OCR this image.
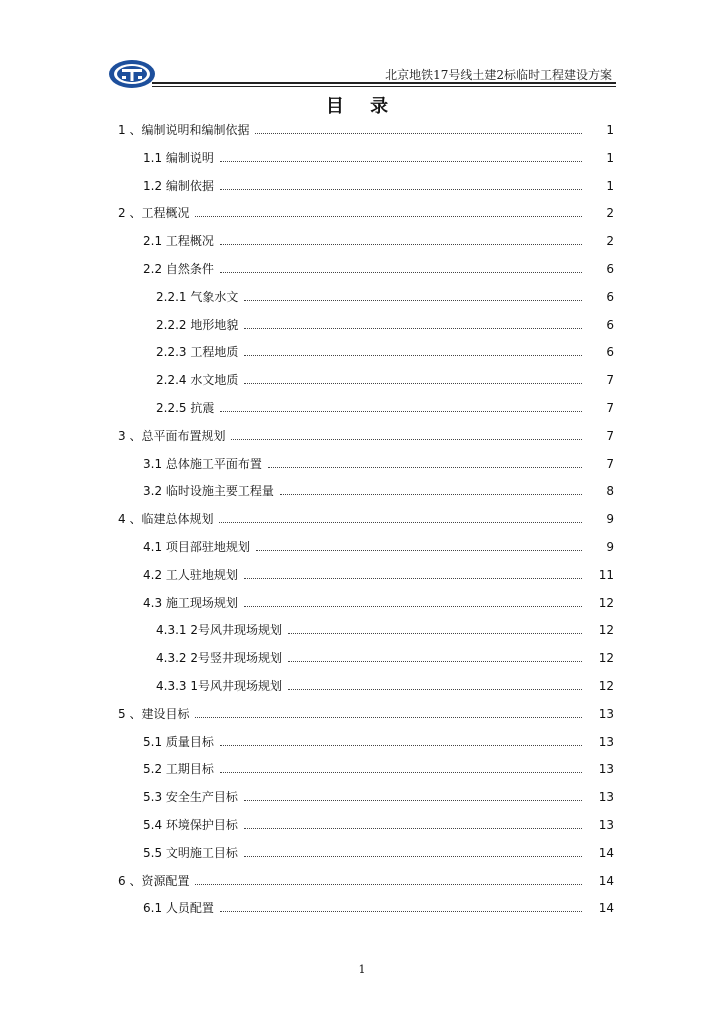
北京地铁17号线土建2标临时工程建设方案
目 录
1 、编制说明和编制依据	1
1.1 编制说明	1
1.2 编制依据	1
2 、工程概况	2
2.1 工程概况	2
2.2 自然条件	6
2.2.1 气象水文	6
2.2.2 地形地貌	6
2.2.3 工程地质	6
2.2.4 水文地质	7
2.2.5 抗震	7
3 、总平面布置规划	7
3.1 总体施工平面布置	7
3.2 临时设施主要工程量	8
4 、临建总体规划	9
4.1 项目部驻地规划	9
4.2 工人驻地规划	11
4.3 施工现场规划	12
4.3.1 2号风井现场规划	12
4.3.2 2号竖井现场规划	12
4.3.3 1号风井现场规划	12
5 、建设目标	13
5.1 质量目标	13
5.2 工期目标	13
5.3 安全生产目标	13
5.4 环境保护目标	13
5.5 文明施工目标	14
6 、资源配置	14
6.1 人员配置	14
1
